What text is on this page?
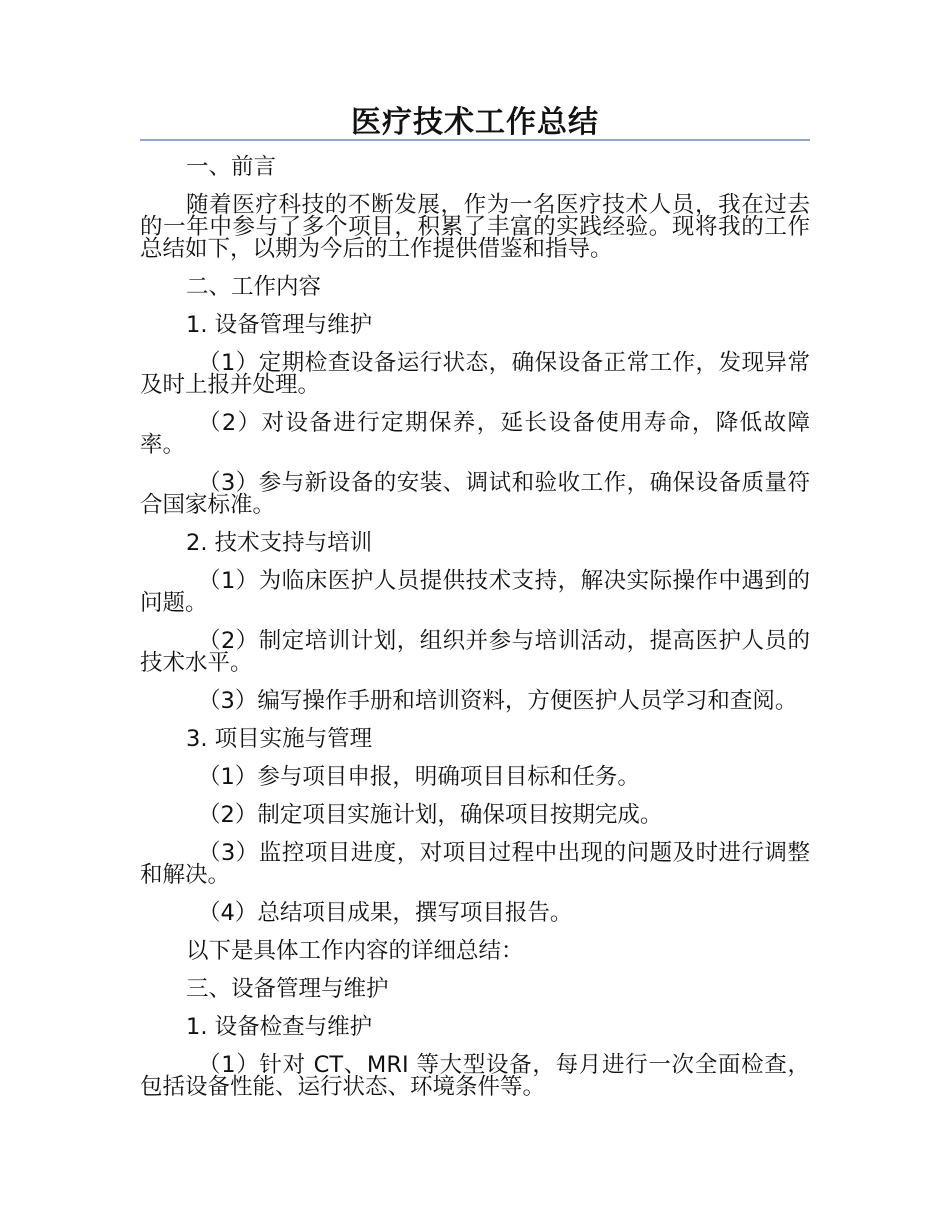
医疗技术工作总结

一、前言

随着医疗科技的不断发展，作为一名医疗技术人员，我在过去的一年中参与了多个项目，积累了丰富的实践经验。现将我的工作总结如下，以期为今后的工作提供借鉴和指导。

二、工作内容

1. 设备管理与维护

（1）定期检查设备运行状态，确保设备正常工作，发现异常及时上报并处理。

（2）对设备进行定期保养，延长设备使用寿命，降低故障率。

（3）参与新设备的安装、调试和验收工作，确保设备质量符合国家标准。

2. 技术支持与培训

（1）为临床医护人员提供技术支持，解决实际操作中遇到的问题。

（2）制定培训计划，组织并参与培训活动，提高医护人员的技术水平。

（3）编写操作手册和培训资料，方便医护人员学习和查阅。

3. 项目实施与管理

（1）参与项目申报，明确项目目标和任务。

（2）制定项目实施计划，确保项目按期完成。

（3）监控项目进度，对项目过程中出现的问题及时进行调整和解决。

（4）总结项目成果，撰写项目报告。

以下是具体工作内容的详细总结：

三、设备管理与维护

1. 设备检查与维护

（1）针对 CT、MRI 等大型设备，每月进行一次全面检查，包括设备性能、运行状态、环境条件等。
